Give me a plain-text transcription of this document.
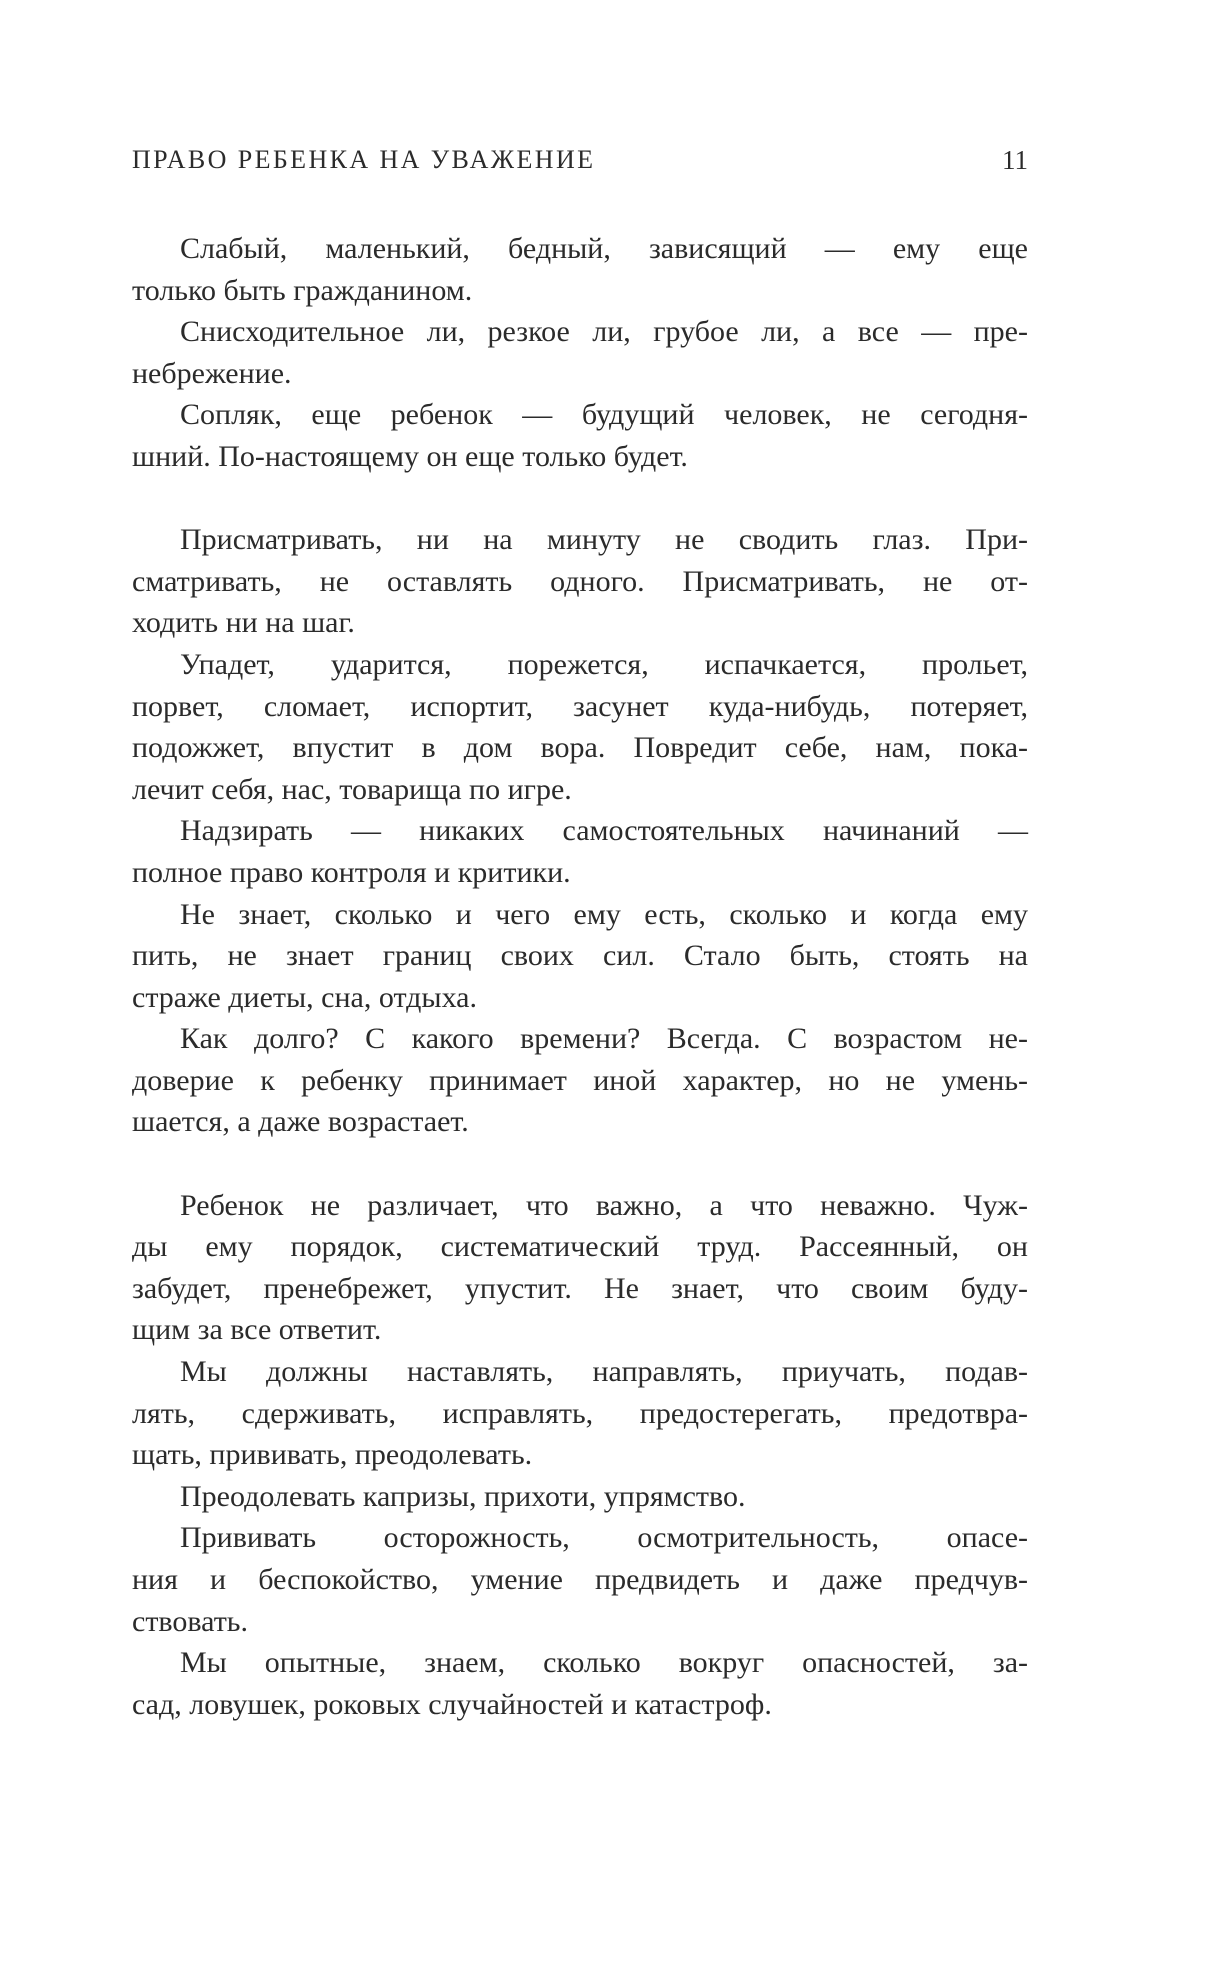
ПРАВО РЕБЕНКА НА УВАЖЕНИЕ	11
Слабый, маленький, бедный, зависящий — ему еще
только быть гражданином.
Снисходительное ли, резкое ли, грубое ли, а все — пре-
небрежение.
Сопляк, еще ребенок — будущий человек, не сегодня-
шний. По-настоящему он еще только будет.
Присматривать, ни на минуту не сводить глаз. При-
сматривать, не оставлять одного. Присматривать, не от-
ходить ни на шаг.
Упадет, ударится, порежется, испачкается, прольет,
порвет, сломает, испортит, засунет куда-нибудь, потеряет,
подожжет, впустит в дом вора. Повредит себе, нам, пока-
лечит себя, нас, товарища по игре.
Надзирать — никаких самостоятельных начинаний —
полное право контроля и критики.
Не знает, сколько и чего ему есть, сколько и когда ему
пить, не знает границ своих сил. Стало быть, стоять на
страже диеты, сна, отдыха.
Как долго? С какого времени? Всегда. С возрастом не-
доверие к ребенку принимает иной характер, но не умень-
шается, а даже возрастает.
Ребенок не различает, что важно, а что неважно. Чуж-
ды ему порядок, систематический труд. Рассеянный, он
забудет, пренебрежет, упустит. Не знает, что своим буду-
щим за все ответит.
Мы должны наставлять, направлять, приучать, подав-
лять, сдерживать, исправлять, предостерегать, предотвра-
щать, прививать, преодолевать.
Преодолевать капризы, прихоти, упрямство.
Прививать осторожность, осмотрительность, опасе-
ния и беспокойство, умение предвидеть и даже предчув-
ствовать.
Мы опытные, знаем, сколько вокруг опасностей, за-
сад, ловушек, роковых случайностей и катастроф.
